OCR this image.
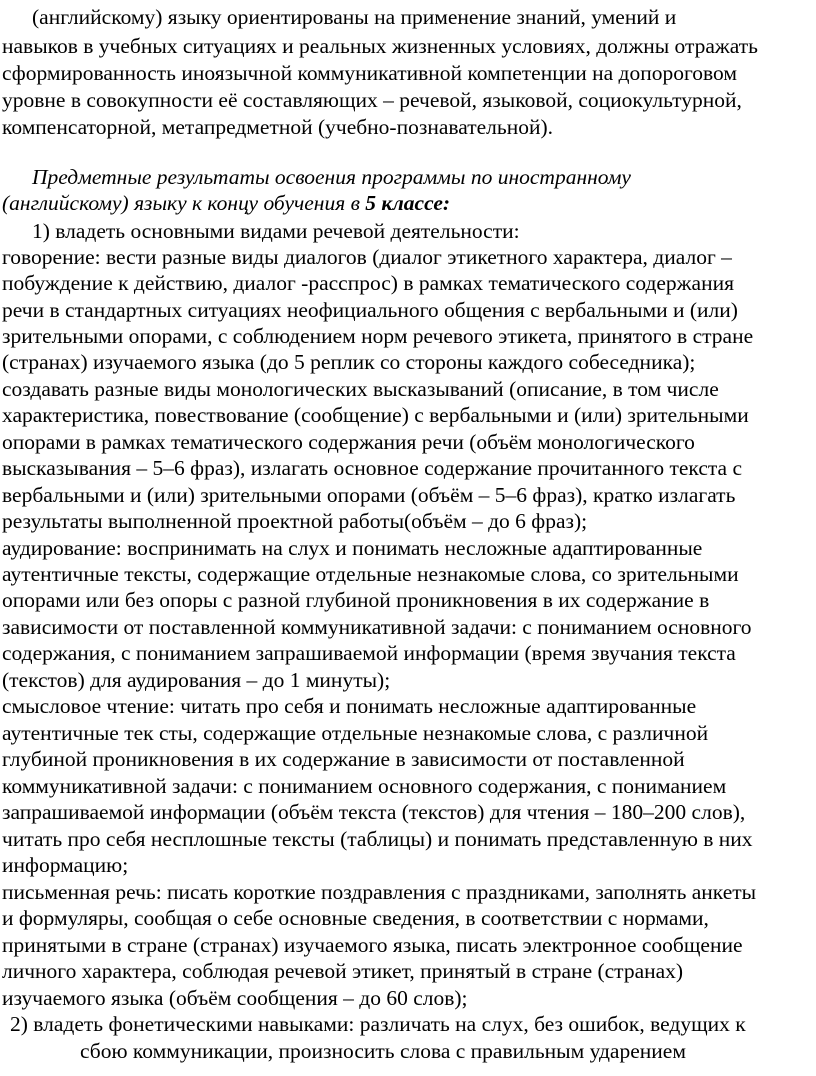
(английскому) языку ориентированы на применение знаний, умений и
навыков в учебных ситуациях и реальных жизненных условиях, должны отражать
сформированность иноязычной коммуникативной компетенции на допороговом
уровне в совокупности её составляющих – речевой, языковой, социокультурной,
компенсаторной, метапредметной (учебно-познавательной).
Предметные результаты освоения программы по иностранному
(английскому) языку к концу обучения в 5 классе:
1) владеть основными видами речевой деятельности:
говорение: вести разные виды диалогов (диалог этикетного характера, диалог –
побуждение к действию, диалог -расспрос) в рамках тематического содержания
речи в стандартных ситуациях неофициального общения с вербальными и (или)
зрительными опорами, с соблюдением норм речевого этикета, принятого в стране
(странах) изучаемого языка (до 5 реплик со стороны каждого собеседника);
создавать разные виды монологических высказываний (описание, в том числе
характеристика, повествование (сообщение) с вербальными и (или) зрительными
опорами в рамках тематического содержания речи (объём монологического
высказывания – 5–6 фраз), излагать основное содержание прочитанного текста с
вербальными и (или) зрительными опорами (объём – 5–6 фраз), кратко излагать
результаты выполненной проектной работы(объём – до 6 фраз);
аудирование: воспринимать на слух и понимать несложные адаптированные
аутентичные тексты, содержащие отдельные незнакомые слова, со зрительными
опорами или без опоры с разной глубиной проникновения в их содержание в
зависимости от поставленной коммуникативной задачи: с пониманием основного
содержания, с пониманием запрашиваемой информации (время звучания текста
(текстов) для аудирования – до 1 минуты);
смысловое чтение: читать про себя и понимать несложные адаптированные
аутентичные тек сты, содержащие отдельные незнакомые слова, с различной
глубиной проникновения в их содержание в зависимости от поставленной
коммуникативной задачи: с пониманием основного содержания, с пониманием
запрашиваемой информации (объём текста (текстов) для чтения – 180–200 слов),
читать про себя несплошные тексты (таблицы) и понимать представленную в них
информацию;
письменная речь: писать короткие поздравления с праздниками, заполнять анкеты
и формуляры, сообщая о себе основные сведения, в соответствии с нормами,
принятыми в стране (странах) изучаемого языка, писать электронное сообщение
личного характера, соблюдая речевой этикет, принятый в стране (странах)
изучаемого языка (объём сообщения – до 60 слов);
2) владеть фонетическими навыками: различать на слух, без ошибок, ведущих к
сбою коммуникации, произносить слова с правильным ударением
